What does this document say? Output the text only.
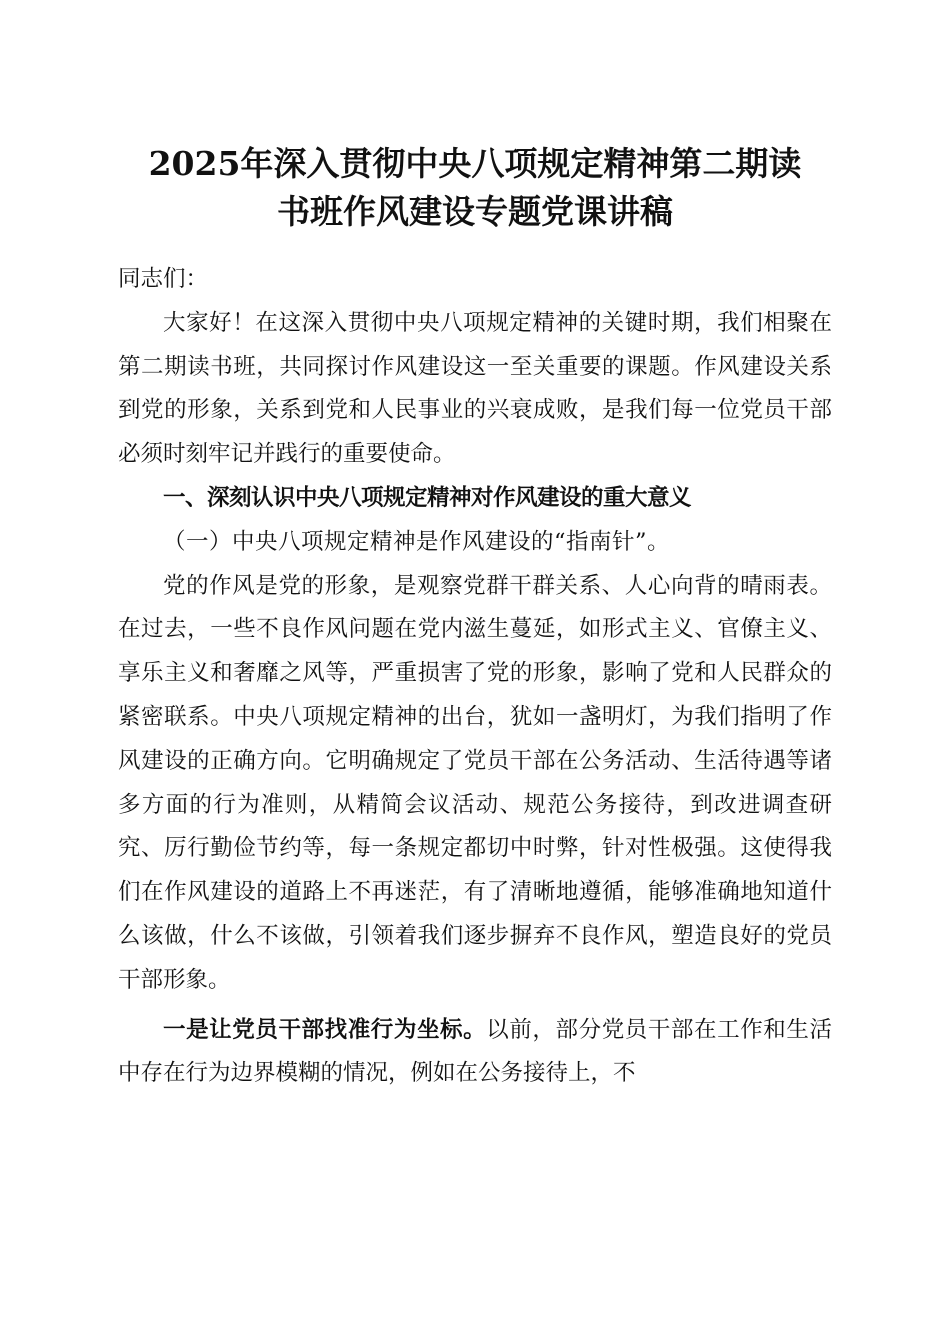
2025年深入贯彻中央八项规定精神第二期读
书班作风建设专题党课讲稿

同志们：

大家好！在这深入贯彻中央八项规定精神的关键时期，我们相聚在第二期读书班，共同探讨作风建设这一至关重要的课题。作风建设关系到党的形象，关系到党和人民事业的兴衰成败，是我们每一位党员干部必须时刻牢记并践行的重要使命。

一、深刻认识中央八项规定精神对作风建设的重大意义

（一）中央八项规定精神是作风建设的“指南针”。

党的作风是党的形象，是观察党群干群关系、人心向背的晴雨表。在过去，一些不良作风问题在党内滋生蔓延，如形式主义、官僚主义、享乐主义和奢靡之风等，严重损害了党的形象，影响了党和人民群众的紧密联系。中央八项规定精神的出台，犹如一盏明灯，为我们指明了作风建设的正确方向。它明确规定了党员干部在公务活动、生活待遇等诸多方面的行为准则，从精简会议活动、规范公务接待，到改进调查研究、厉行勤俭节约等，每一条规定都切中时弊，针对性极强。这使得我们在作风建设的道路上不再迷茫，有了清晰地遵循，能够准确地知道什么该做，什么不该做，引领着我们逐步摒弃不良作风，塑造良好的党员干部形象。

一是让党员干部找准行为坐标。以前，部分党员干部在工作和生活中存在行为边界模糊的情况，例如在公务接待上，不
